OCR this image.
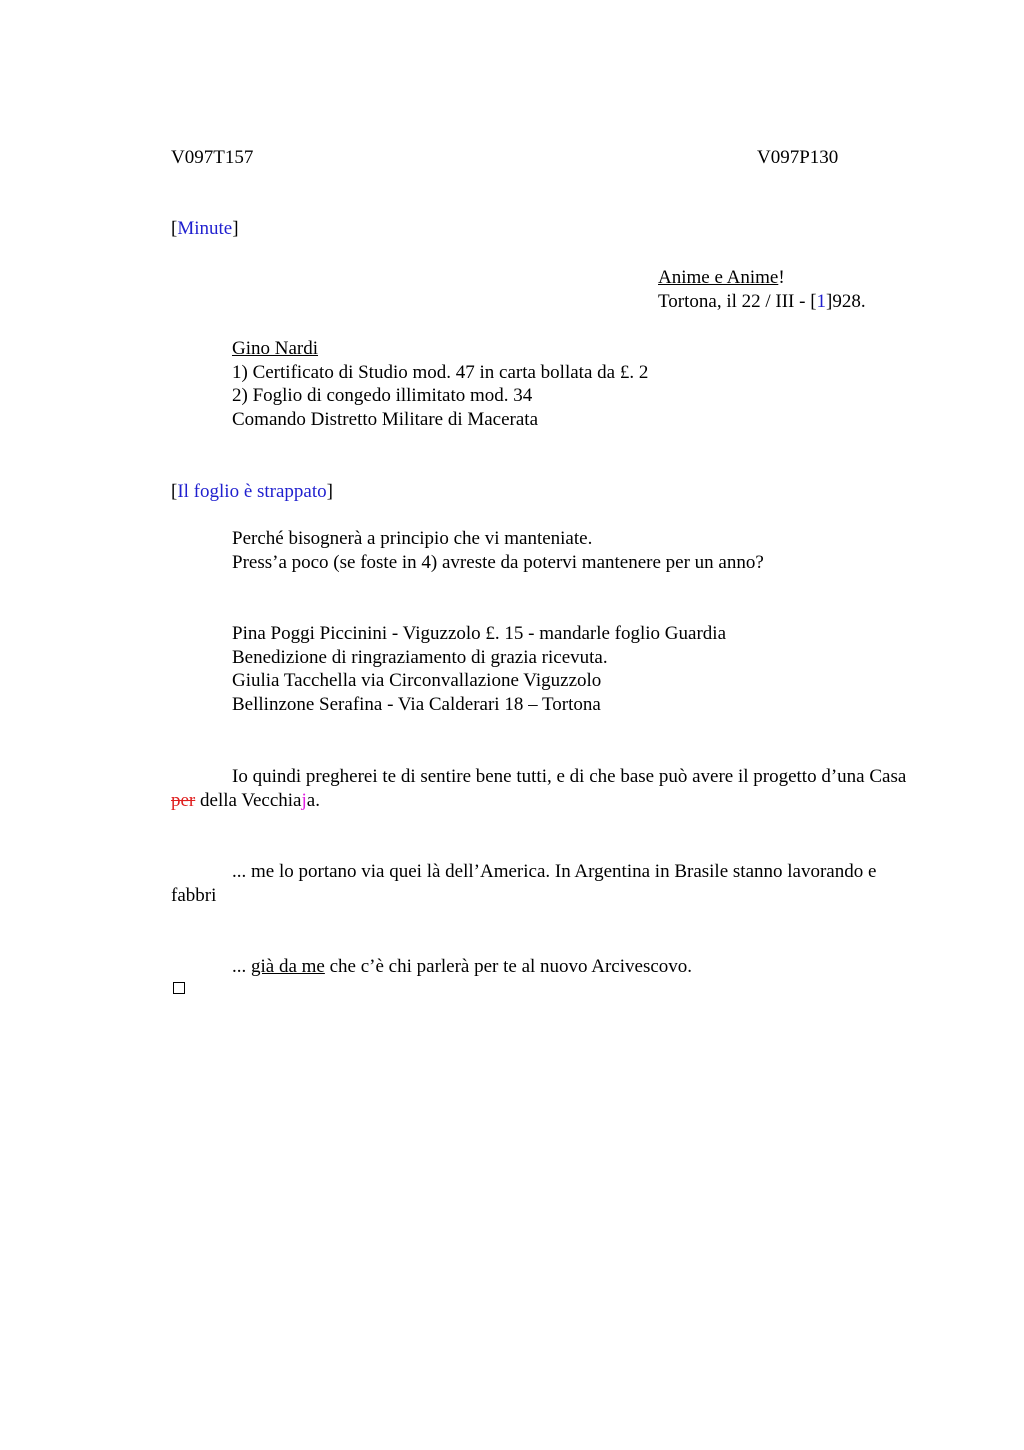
V097T157	V097P130
[Minute]
Anime e Anime!
Tortona, il 22 / III - [1]928.
Gino Nardi
1) Certificato di Studio mod. 47 in carta bollata da £. 2
2) Foglio di congedo illimitato mod. 34
Comando Distretto Militare di Macerata
[Il foglio è strappato]
Perché bisognerà a principio che vi manteniate.
Press’a poco (se foste in 4) avreste da potervi mantenere per un anno?
Pina Poggi Piccinini - Viguzzolo £. 15 - mandarle foglio Guardia
Benedizione di ringraziamento di grazia ricevuta.
Giulia Tacchella via Circonvallazione Viguzzolo
Bellinzone Serafina - Via Calderari 18 – Tortona
Io quindi pregherei te di sentire bene tutti, e di che base può avere il progetto d’una Casa per della Vecchiaja.
... me lo portano via quei là dell’America. In Argentina in Brasile stanno lavorando e fabbri
... già da me che c’è chi parlerà per te al nuovo Arcivescovo.
